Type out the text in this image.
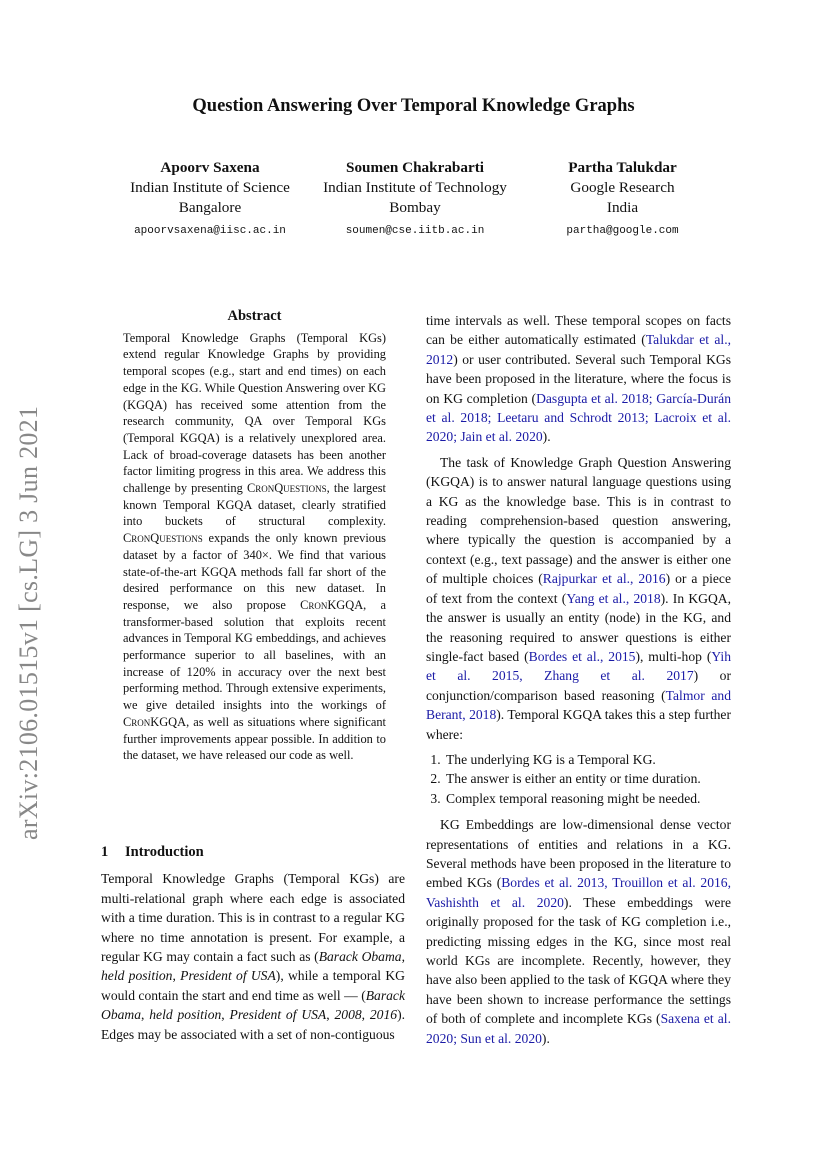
arXiv:2106.01515v1 [cs.LG] 3 Jun 2021
Question Answering Over Temporal Knowledge Graphs
Apoorv Saxena
Indian Institute of Science
Bangalore
apoorvsaxena@iisc.ac.in
Soumen Chakrabarti
Indian Institute of Technology
Bombay
soumen@cse.iitb.ac.in
Partha Talukdar
Google Research
India
partha@google.com
Abstract

Temporal Knowledge Graphs (Temporal KGs) extend regular Knowledge Graphs by providing temporal scopes (e.g., start and end times) on each edge in the KG. While Question Answering over KG (KGQA) has received some attention from the research community, QA over Temporal KGs (Temporal KGQA) is a relatively unexplored area. Lack of broad-coverage datasets has been another factor limiting progress in this area. We address this challenge by presenting CronQuestions, the largest known Temporal KGQA dataset, clearly stratified into buckets of structural complexity. CronQuestions expands the only known previous dataset by a factor of 340×. We find that various state-of-the-art KGQA methods fall far short of the desired performance on this new dataset. In response, we also propose CronKGQA, a transformer-based solution that exploits recent advances in Temporal KG embeddings, and achieves performance superior to all baselines, with an increase of 120% in accuracy over the next best performing method. Through extensive experiments, we give detailed insights into the workings of CronKGQA, as well as situations where significant further improvements appear possible. In addition to the dataset, we have released our code as well.

1 Introduction

Temporal Knowledge Graphs (Temporal KGs) are multi-relational graph where each edge is associated with a time duration. This is in contrast to a regular KG where no time annotation is present. For example, a regular KG may contain a fact such as (Barack Obama, held position, President of USA), while a temporal KG would contain the start and end time as well — (Barack Obama, held position, President of USA, 2008, 2016). Edges may be associated with a set of non-contiguous

time intervals as well. These temporal scopes on facts can be either automatically estimated (Talukdar et al., 2012) or user contributed. Several such Temporal KGs have been proposed in the literature, where the focus is on KG completion (Dasgupta et al. 2018; García-Durán et al. 2018; Leetaru and Schrodt 2013; Lacroix et al. 2020; Jain et al. 2020).

The task of Knowledge Graph Question Answering (KGQA) is to answer natural language questions using a KG as the knowledge base. This is in contrast to reading comprehension-based question answering, where typically the question is accompanied by a context (e.g., text passage) and the answer is either one of multiple choices (Rajpurkar et al., 2016) or a piece of text from the context (Yang et al., 2018). In KGQA, the answer is usually an entity (node) in the KG, and the reasoning required to answer questions is either single-fact based (Bordes et al., 2015), multi-hop (Yih et al. 2015, Zhang et al. 2017) or conjunction/comparison based reasoning (Talmor and Berant, 2018). Temporal KGQA takes this a step further where:

1. The underlying KG is a Temporal KG.
2. The answer is either an entity or time duration.
3. Complex temporal reasoning might be needed.

KG Embeddings are low-dimensional dense vector representations of entities and relations in a KG. Several methods have been proposed in the literature to embed KGs (Bordes et al. 2013, Trouillon et al. 2016, Vashishth et al. 2020). These embeddings were originally proposed for the task of KG completion i.e., predicting missing edges in the KG, since most real world KGs are incomplete. Recently, however, they have also been applied to the task of KGQA where they have been shown to increase performance the settings of both of complete and incomplete KGs (Saxena et al. 2020; Sun et al. 2020).
